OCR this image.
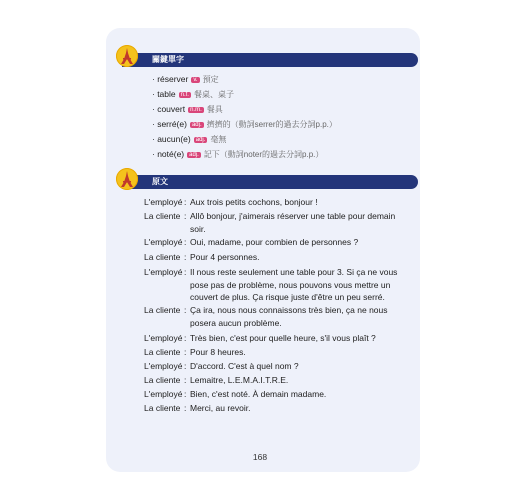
關鍵單字
· réserver v. 預定
· table n.f. 餐桌、桌子
· couvert n.m. 餐具
· serré(e) adj. 擠擠的（動詞serrer的過去分詞p.p.）
· aucun(e) adj. 毫無
· noté(e) adj. 記下（動詞noter的過去分詞p.p.）
原文
L'employé : Aux trois petits cochons, bonjour !
La cliente : Allô bonjour, j'aimerais réserver une table pour demain soir.
L'employé : Oui, madame, pour combien de personnes ?
La cliente : Pour 4 personnes.
L'employé : Il nous reste seulement une table pour 3. Si ça ne vous pose pas de problème, nous pouvons vous mettre un couvert de plus. Ça risque juste d'être un peu serré.
La cliente : Ça ira, nous nous connaissons très bien, ça ne nous posera aucun problème.
L'employé : Très bien, c'est pour quelle heure, s'il vous plaît ?
La cliente : Pour 8 heures.
L'employé : D'accord. C'est à quel nom ?
La cliente : Lemaitre, L.E.M.A.I.T.R.E.
L'employé : Bien, c'est noté. À demain madame.
La cliente : Merci, au revoir.
168
